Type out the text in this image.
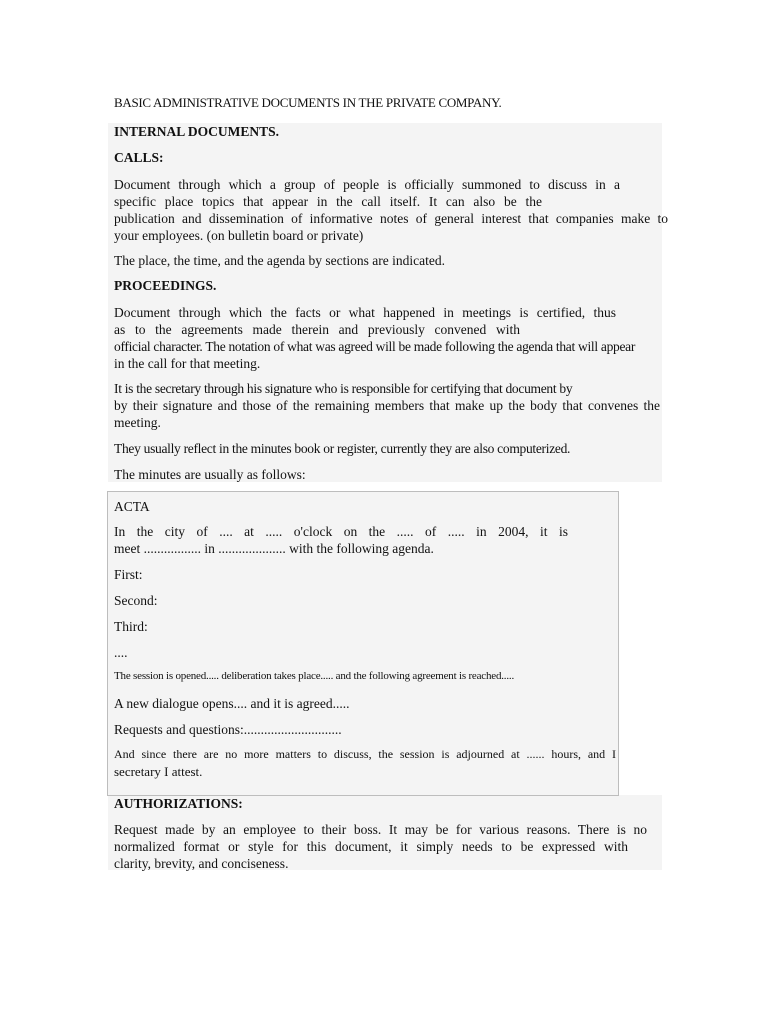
BASIC ADMINISTRATIVE DOCUMENTS IN THE PRIVATE COMPANY.
INTERNAL DOCUMENTS.
CALLS:
Document through which a group of people is officially summoned to discuss in a
specific place topics that appear in the call itself. It can also be the
publication and dissemination of informative notes of general interest that companies make to
your employees. (on bulletin board or private)
The place, the time, and the agenda by sections are indicated.
PROCEEDINGS.
Document through which the facts or what happened in meetings is certified, thus
as to the agreements made therein and previously convened with
official character. The notation of what was agreed will be made following the agenda that will appear
in the call for that meeting.
It is the secretary through his signature who is responsible for certifying that document by
by their signature and those of the remaining members that make up the body that convenes the
meeting.
They usually reflect in the minutes book or register, currently they are also computerized.
The minutes are usually as follows:
ACTA
In the city of .... at ..... o'clock on the ..... of ..... in 2004, it is
meet ................. in .................... with the following agenda.
First:
Second:
Third:
....
The session is opened..... deliberation takes place..... and the following agreement is reached.....
A new dialogue opens.... and it is agreed.....
Requests and questions:.............................
And since there are no more matters to discuss, the session is adjourned at ...... hours, and I
secretary I attest.
AUTHORIZATIONS:
Request made by an employee to their boss. It may be for various reasons. There is no
normalized format or style for this document, it simply needs to be expressed with
clarity, brevity, and conciseness.
